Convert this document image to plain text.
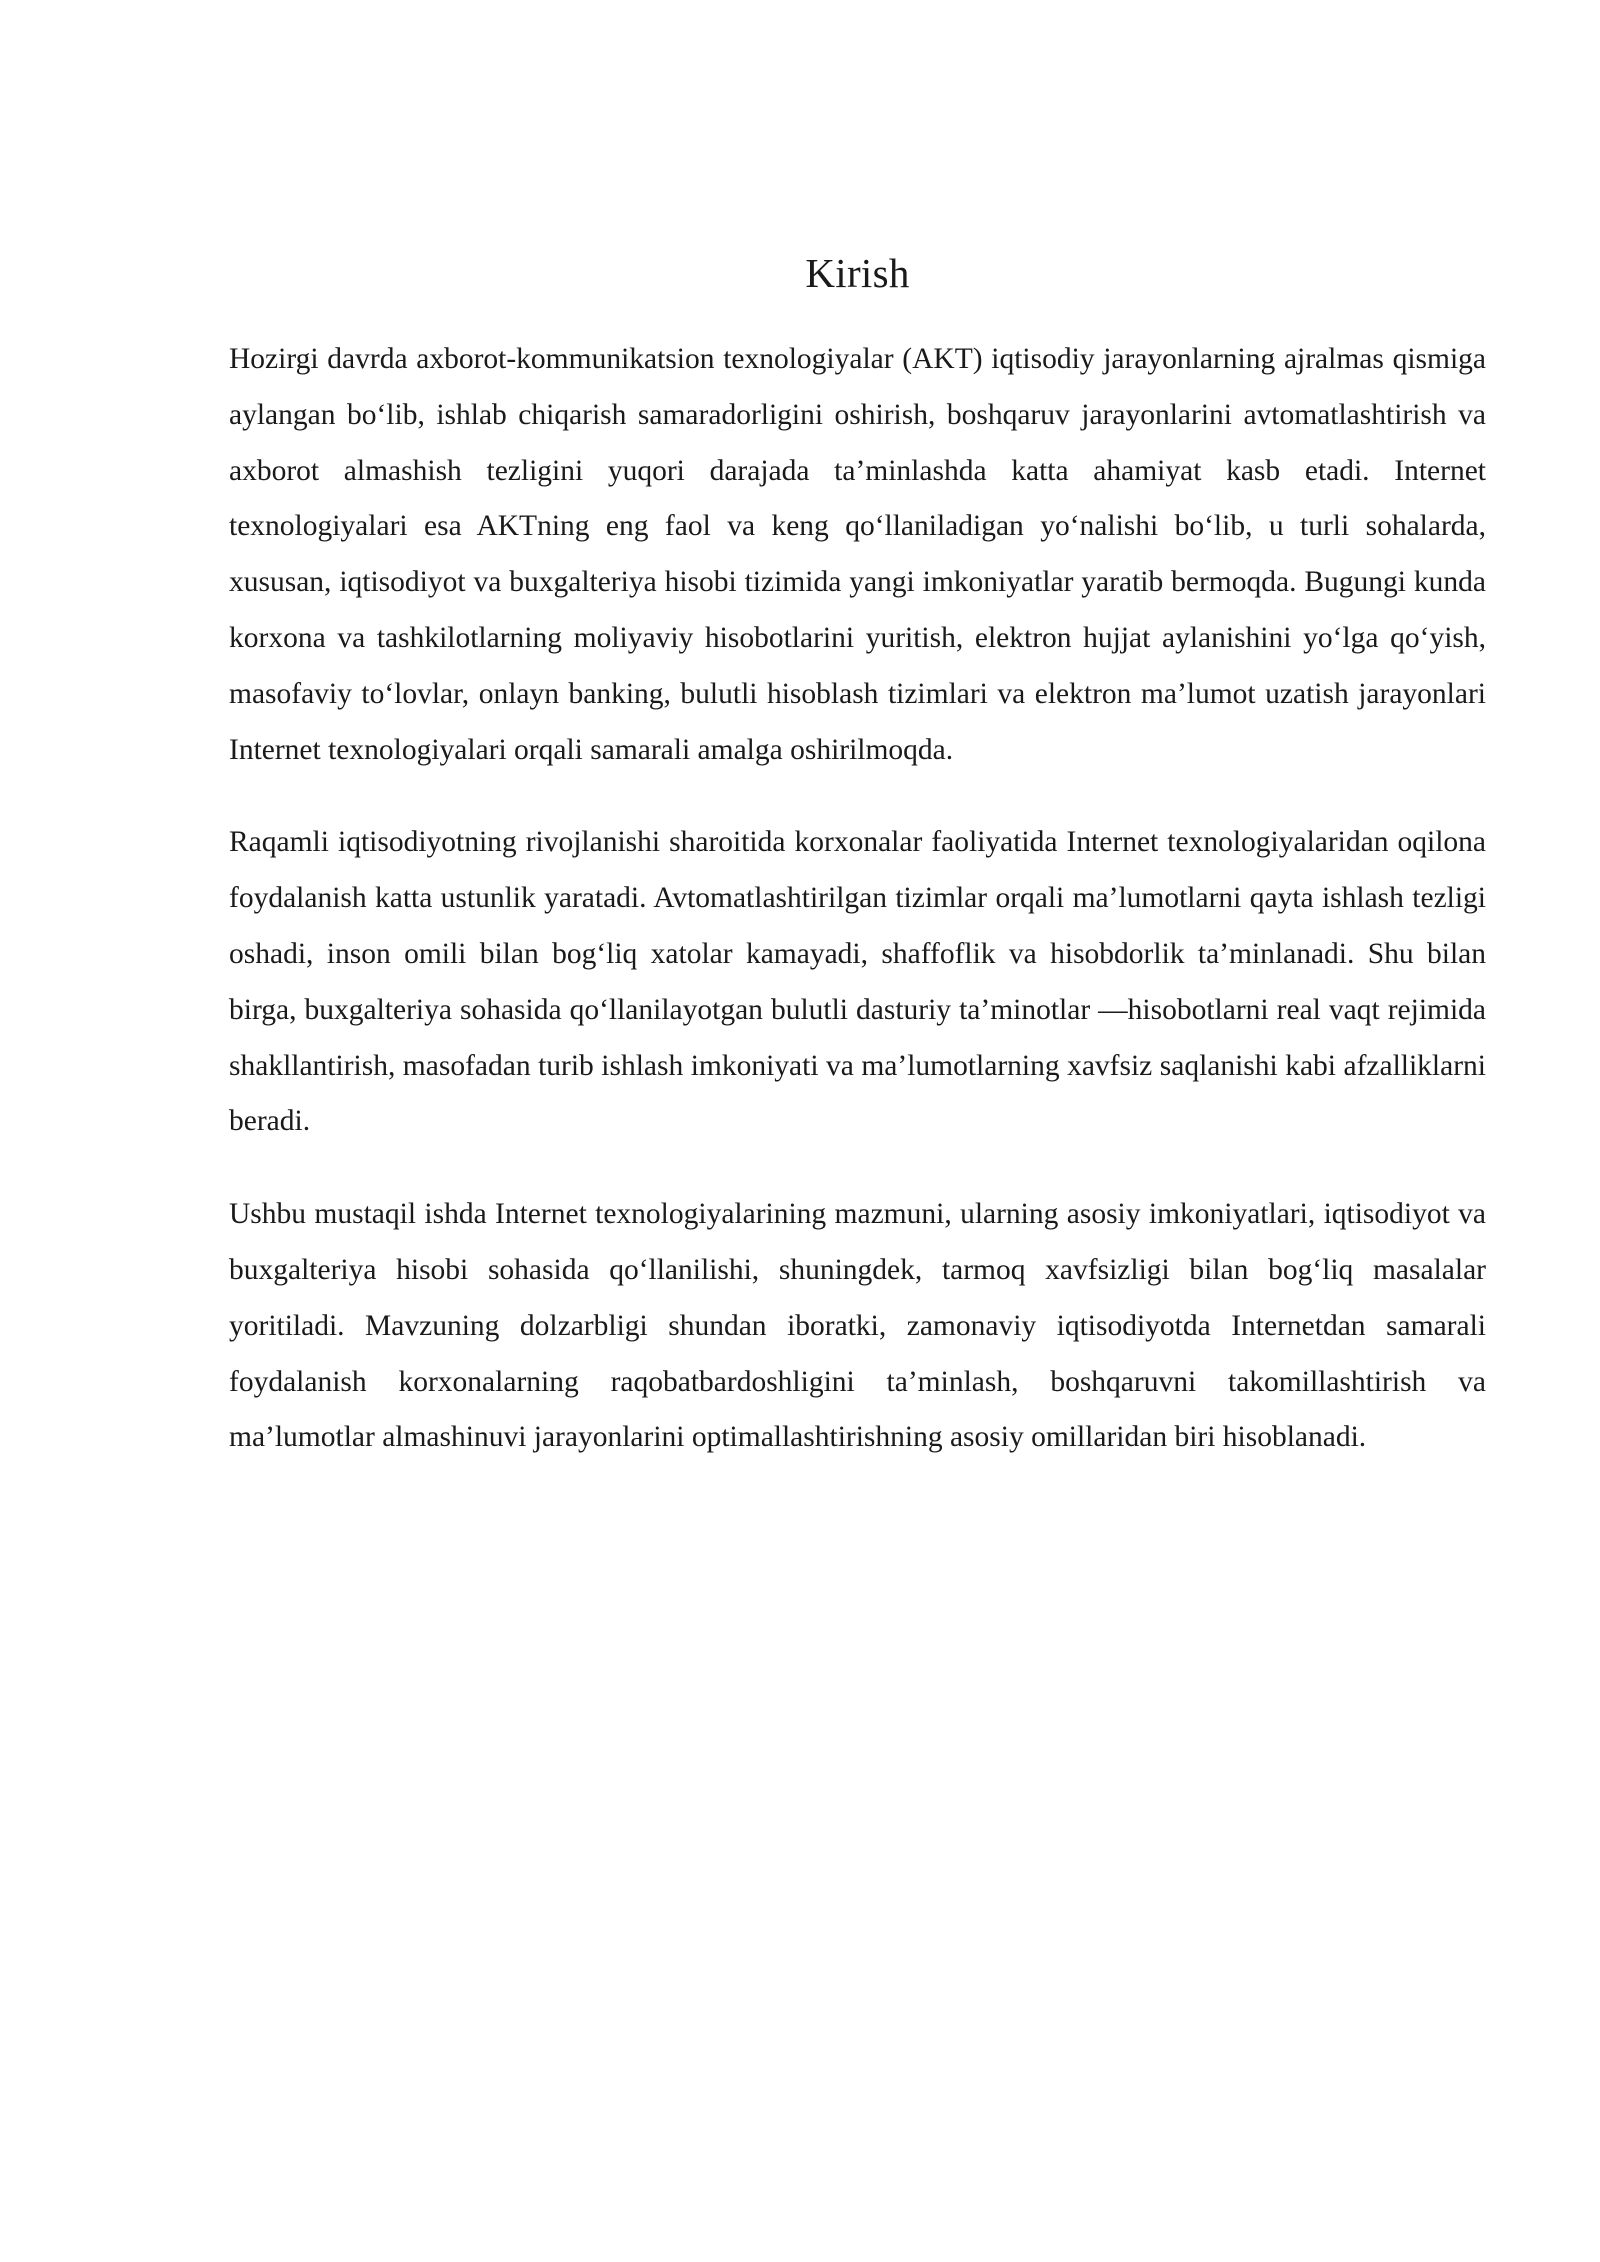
Kirish

Hozirgi davrda axborot-kommunikatsion texnologiyalar (AKT) iqtisodiy jarayonlarning ajralmas qismiga aylangan bo‘lib, ishlab chiqarish samaradorligini oshirish, boshqaruv jarayonlarini avtomatlashtirish va axborot almashish tezligini yuqori darajada ta’minlashda katta ahamiyat kasb etadi. Internet texnologiyalari esa AKTning eng faol va keng qo‘llaniladigan yo‘nalishi bo‘lib, u turli sohalarda, xususan, iqtisodiyot va buxgalteriya hisobi tizimida yangi imkoniyatlar yaratib bermoqda. Bugungi kunda korxona va tashkilotlarning moliyaviy hisobotlarini yuritish, elektron hujjat aylanishini yo‘lga qo‘yish, masofaviy to‘lovlar, onlayn banking, bulutli hisoblash tizimlari va elektron ma’lumot uzatish jarayonlari Internet texnologiyalari orqali samarali amalga oshirilmoqda.

Raqamli iqtisodiyotning rivojlanishi sharoitida korxonalar faoliyatida Internet texnologiyalaridan oqilona foydalanish katta ustunlik yaratadi. Avtomatlashtirilgan tizimlar orqali ma’lumotlarni qayta ishlash tezligi oshadi, inson omili bilan bog‘liq xatolar kamayadi, shaffoflik va hisobdorlik ta’minlanadi. Shu bilan birga, buxgalteriya sohasida qo‘llanilayotgan bulutli dasturiy ta’minotlar —hisobotlarni real vaqt rejimida shakllantirish, masofadan turib ishlash imkoniyati va ma’lumotlarning xavfsiz saqlanishi kabi afzalliklarni beradi.

Ushbu mustaqil ishda Internet texnologiyalarining mazmuni, ularning asosiy imkoniyatlari, iqtisodiyot va buxgalteriya hisobi sohasida qo‘llanilishi, shuningdek, tarmoq xavfsizligi bilan bog‘liq masalalar yoritiladi. Mavzuning dolzarbligi shundan iboratki, zamonaviy iqtisodiyotda Internetdan samarali foydalanish korxonalarning raqobatbardoshligini ta’minlash, boshqaruvni takomillashtirish va ma’lumotlar almashinuvi jarayonlarini optimallashtirishning asosiy omillaridan biri hisoblanadi.
